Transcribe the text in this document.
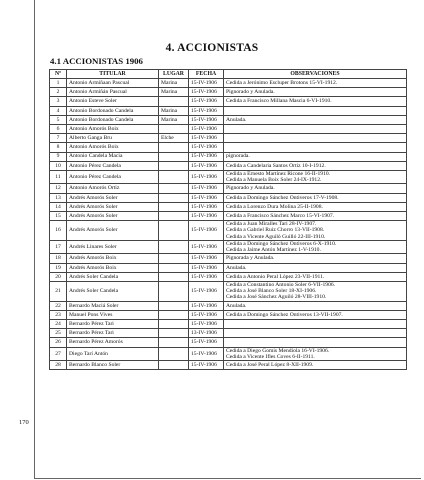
4. ACCIONISTAS
4.1 ACCIONISTAS 1906
170
Nº	TITULAR	LUGAR	FECHA	OBSERVACIONES
1	Antonio Armiñaan Pascual	Marina	15-IV-1906	Cedida a Jerónimo Escluper Brotons 15-VI-1912.

2	Antonio Armiñán Pascual	Marina	15-IV-1906	Pignorado y Anulada.

3	Antonio Esteve Soler		15-IV-1906	Cedida a Francisco Millana Mascia 6-VI-1910.

4	Antonio Bordonado Candela	Marina	15-IV-1906	

5	Antonio Bordonado Candela	Marina	15-IV-1906	Anulada.

6	Antonio Amorós Boix		15-IV-1906	

7	Alberto Ganga Bru	Elche	15-IV-1906	

8	Antonio Amorós Boix		15-IV-1906	

9	Antonio Candela Macia		15-IV-1906	pignorada.

10	Antonio Pérez Candela		15-IV-1906	Cedida a Candelaria Santos Ortiz 10-I-1912.

11	Antonio Pérez Candela		15-IV-1906	Cedida a Ernesto Martínez Ricone 16-II-1910.
Cedida a Manuela Boix Soler 24-IX-1912.

12	Antonio Amorós Ortiz		15-IV-1906	Pignorado y Anulada.

13	Andrés Amorós Soler		15-IV-1906	Cedida a Domingo Sánchez Ontiveros 17-V-1908.

14	Andrés Amorós Soler		15-IV-1906	Cedida a Lorenzo Dura Molina 25-II-1908.

15	Andrés Amorós Soler		15-IV-1906	Cedida a Francisco Sánchez Marco 15-VI-1907.

16	Andrés Amorós Soler		15-IV-1906	Cedida a Juan Miralles Tari 28-IV-1907.
Cedida a Gabriel Ruiz Chorro 13-VII-1908.
Cedida a Vicente Aguiló Guilló 22-III-1910.

17	Andrés Linares Soler		15-IV-1906	Cedida a Domingo Sánchez Ontiveros 6-X-1910.
Cedida a Jaime Antón Martínez 1-V-1910.

18	Andrés Amorós Boix		15-IV-1906	Pignorada y Anulada.

19	Andrés Amorós Boix		15-IV-1906	Anulada.

20	Andrés Soler Candela		15-IV-1906	Cedida a Antonio Peral López 23-VII-1911.

21	Andrés Soler Candela		15-IV-1906	Cedida a Constantino Antonio Soler 6-VII-1906.
Cedida a José Blanco Soler 18-XI-1906.
Cedida a José Sánchez Aguiló 28-VIII-1910.

22	Bernardo Maciá Soler		15-IV-1906	Anulada.

23	Manuel Pons Vives		15-IV-1906	Cedida a Domingo Sánchez Ontiveros 13-VII-1907.

24	Bernardo Pérez Tari		15-IV-1906	

25	Bernardo Pérez Tari		13-IV-1906	

26	Bernardo Pérez Amorós		15-IV-1906	

27	Diego Tarí Antón		15-IV-1906	Cedida a Diego Gomis Mendiola 16-VI-1906.
Cedida a Vicente Ifles Coves 6-II-1911.

28	Bernardo Blanco Soler		15-IV-1906	Cedida a José Peral López 8-XII-1909.
